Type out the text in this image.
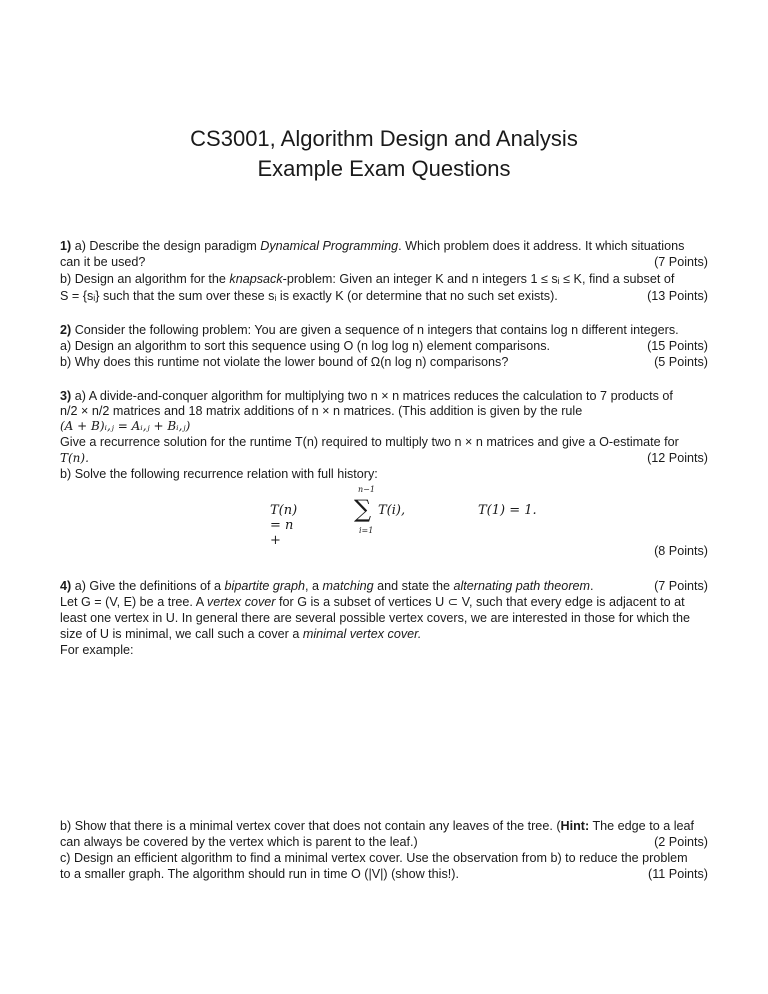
CS3001, Algorithm Design and Analysis
Example Exam Questions
1) a) Describe the design paradigm Dynamical Programming. Which problem does it address. It which situations
can it be used?	(7 Points)
b) Design an algorithm for the knapsack-problem: Given an integer K and n integers 1 ≤ sᵢ ≤ K, find a subset of
S = {sᵢ} such that the sum over these sᵢ is exactly K (or determine that no such set exists).	(13 Points)
2) Consider the following problem: You are given a sequence of n integers that contains log n different integers.
a) Design an algorithm to sort this sequence using O (n log log n) element comparisons.	(15 Points)
b) Why does this runtime not violate the lower bound of Ω(n log n) comparisons?	(5 Points)
3) a) A divide-and-conquer algorithm for multiplying two n × n matrices reduces the calculation to 7 products of
n/2 × n/2 matrices and 18 matrix additions of n × n matrices. (This addition is given by the rule
(A + B)ᵢ,ⱼ = Aᵢ,ⱼ + Bᵢ,ⱼ)
Give a recurrence solution for the runtime T(n) required to multiply two n × n matrices and give a O-estimate for
T(n).	(12 Points)
b) Solve the following recurrence relation with full history:
T(n) = n +
n−1
∑
i=1
T(i),	T(1) = 1.
(8 Points)
4) a) Give the definitions of a bipartite graph, a matching and state the alternating path theorem.	(7 Points)
Let G = (V, E) be a tree. A vertex cover for G is a subset of vertices U ⊂ V, such that every edge is adjacent to at
least one vertex in U. In general there are several possible vertex covers, we are interested in those for which the
size of U is minimal, we call such a cover a minimal vertex cover.
For example:
b) Show that there is a minimal vertex cover that does not contain any leaves of the tree. (Hint: The edge to a leaf
can always be covered by the vertex which is parent to the leaf.)	(2 Points)
c) Design an efficient algorithm to find a minimal vertex cover. Use the observation from b) to reduce the problem
to a smaller graph. The algorithm should run in time O (|V|) (show this!).	(11 Points)
